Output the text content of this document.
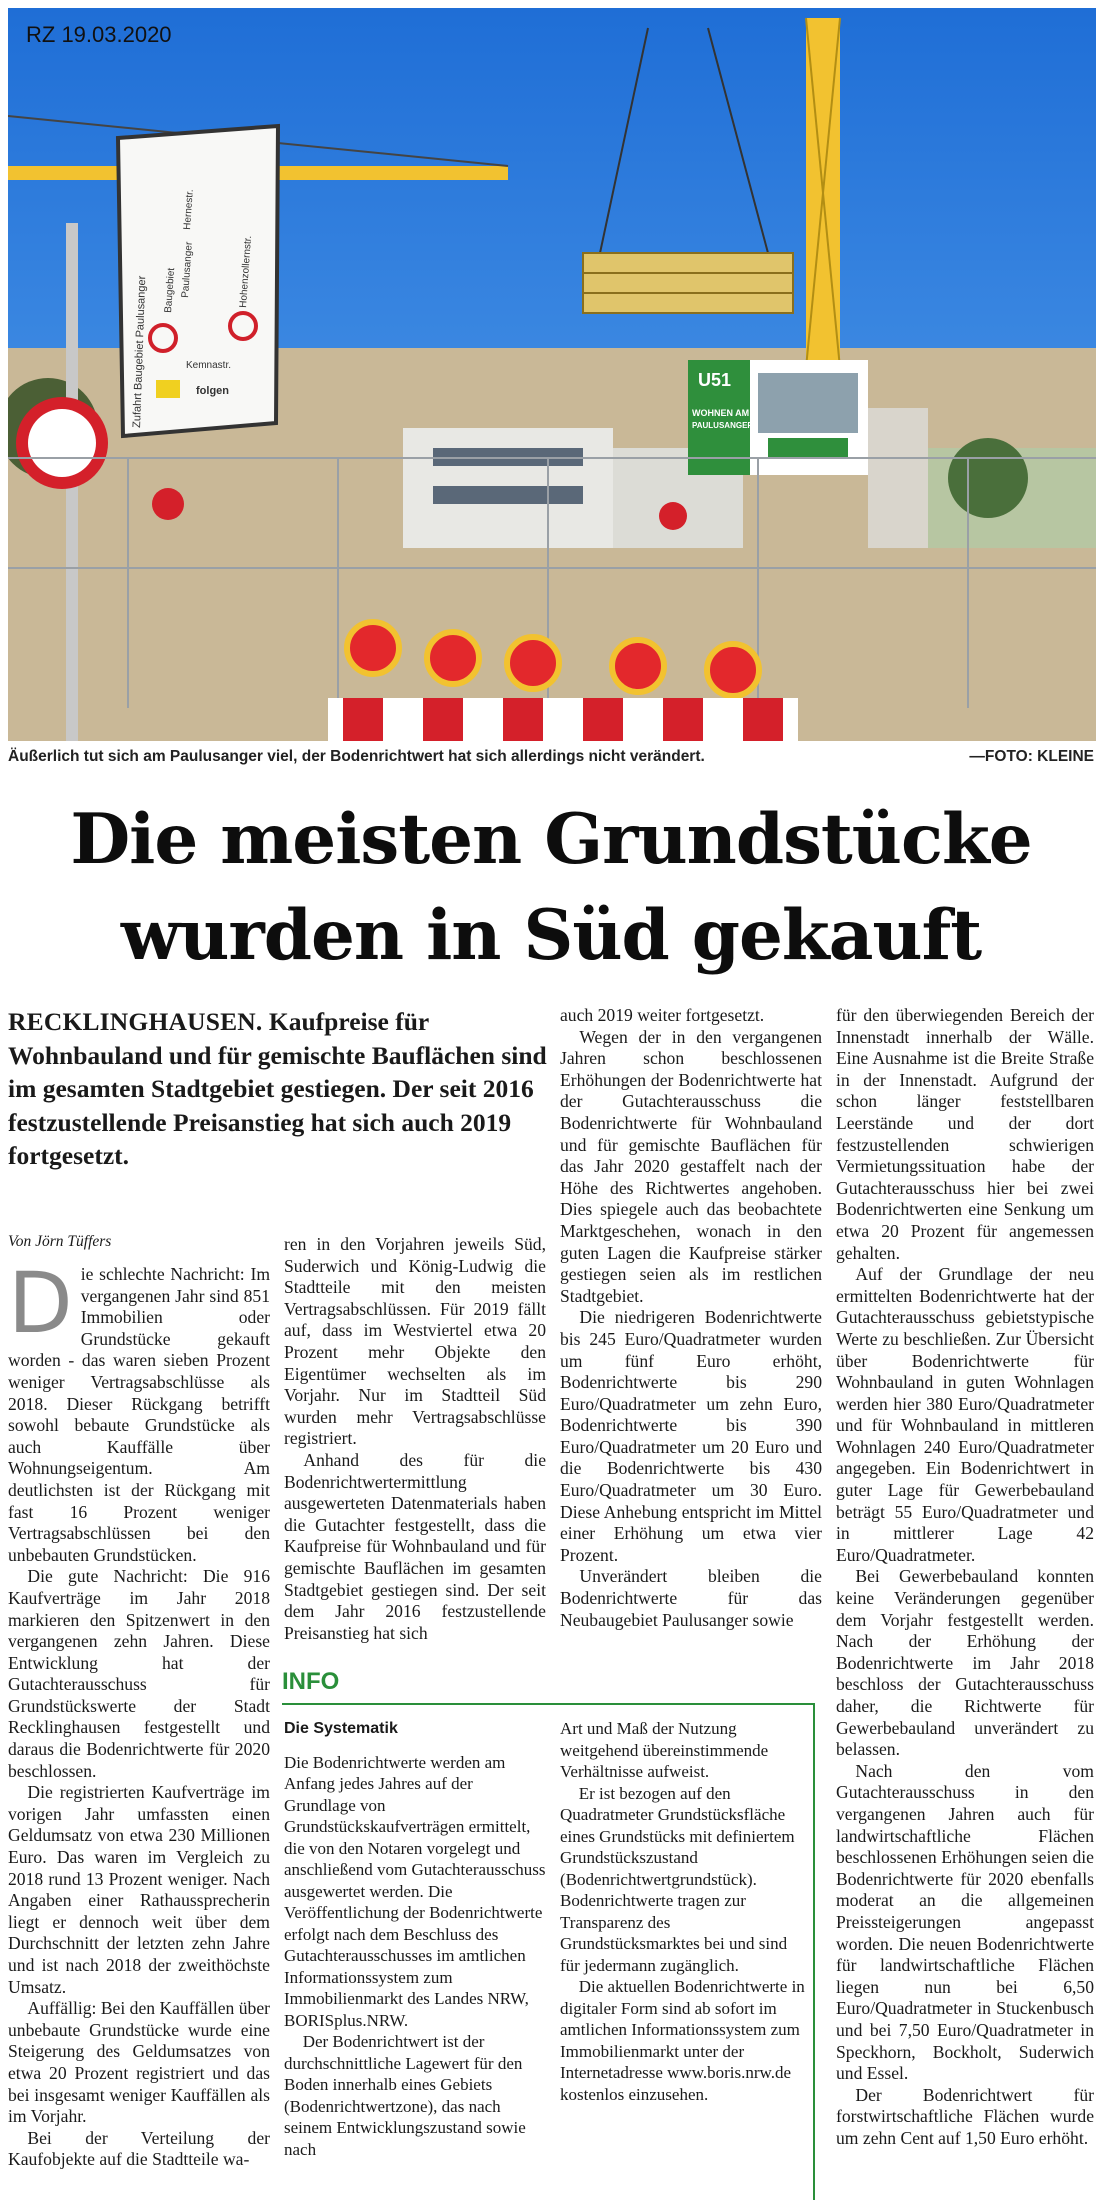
U51
WOHNEN AM
PAULUSANGER
Zufahrt Baugebiet Paulusanger
Hernestr.
Paulusanger	Hohenzollernstr.
Baugebiet
Kemnastr.
folgen
RZ 19.03.2020
Äußerlich tut sich am Paulusanger viel, der Bodenrichtwert hat sich allerdings nicht verändert.	—FOTO: KLEINE
Die meisten Grundstücke
wurden in Süd gekauft
RECKLINGHAUSEN. Kaufpreise für Wohnbauland und für gemischte Bauflächen sind im gesamten Stadtgebiet gestiegen. Der seit 2016 festzustellende Preisanstieg hat sich auch 2019 fortgesetzt.
Von Jörn Tüffers

Die schlechte Nachricht: Im vergangenen Jahr sind 851 Immobilien oder Grundstücke gekauft worden - das waren sieben Prozent weniger Vertragsabschlüsse als 2018. Dieser Rückgang betrifft sowohl bebaute Grundstücke als auch Kauffälle über Wohnungseigentum. Am deutlichsten ist der Rückgang mit fast 16 Prozent weniger Vertragsabschlüssen bei den unbebauten Grundstücken.

Die gute Nachricht: Die 916 Kaufverträge im Jahr 2018 markieren den Spitzenwert in den vergangenen zehn Jahren. Diese Entwicklung hat der Gutachterausschuss für Grundstückswerte der Stadt Recklinghausen festgestellt und daraus die Bodenrichtwerte für 2020 beschlossen.

Die registrierten Kaufverträge im vorigen Jahr umfassten einen Geldumsatz von etwa 230 Millionen Euro. Das waren im Vergleich zu 2018 rund 13 Prozent weniger. Nach Angaben einer Rathaussprecherin liegt er dennoch weit über dem Durchschnitt der letzten zehn Jahre und ist nach 2018 der zweithöchste Umsatz.

Auffällig: Bei den Kauffällen über unbebaute Grundstücke wurde eine Steigerung des Geldumsatzes von etwa 20 Prozent registriert und das bei insgesamt weniger Kauffällen als im Vorjahr.

Bei der Verteilung der Kaufobjekte auf die Stadtteile wa-

ren in den Vorjahren jeweils Süd, Suderwich und König-Ludwig die Stadtteile mit den meisten Vertragsabschlüssen. Für 2019 fällt auf, dass im Westviertel etwa 20 Prozent mehr Objekte den Eigentümer wechselten als im Vorjahr. Nur im Stadtteil Süd wurden mehr Vertragsabschlüsse registriert.

Anhand des für die Bodenrichtwertermittlung ausgewerteten Datenmaterials haben die Gutachter festgestellt, dass die Kaufpreise für Wohnbauland und für gemischte Bauflächen im gesamten Stadtgebiet gestiegen sind. Der seit dem Jahr 2016 festzustellende Preisanstieg hat sich

auch 2019 weiter fortgesetzt.

Wegen der in den vergangenen Jahren schon beschlossenen Erhöhungen der Bodenrichtwerte hat der Gutachterausschuss die Bodenrichtwerte für Wohnbauland und für gemischte Bauflächen für das Jahr 2020 gestaffelt nach der Höhe des Richtwertes angehoben. Dies spiegele auch das beobachtete Marktgeschehen, wonach in den guten Lagen die Kaufpreise stärker gestiegen seien als im restlichen Stadtgebiet.

Die niedrigeren Bodenrichtwerte bis 245 Euro/Quadratmeter wurden um fünf Euro erhöht, Bodenrichtwerte bis 290 Euro/Quadratmeter um zehn Euro, Bodenrichtwerte bis 390 Euro/Quadratmeter um 20 Euro und die Bodenrichtwerte bis 430 Euro/Quadratmeter um 30 Euro. Diese Anhebung entspricht im Mittel einer Erhöhung um etwa vier Prozent.

Unverändert bleiben die Bodenrichtwerte für das Neubaugebiet Paulusanger sowie

für den überwiegenden Bereich der Innenstadt innerhalb der Wälle. Eine Ausnahme ist die Breite Straße in der Innenstadt. Aufgrund der schon länger feststellbaren Leerstände und der dort festzustellenden schwierigen Vermietungssituation habe der Gutachterausschuss hier bei zwei Bodenrichtwerten eine Senkung um etwa 20 Prozent für angemessen gehalten.

Auf der Grundlage der neu ermittelten Bodenrichtwerte hat der Gutachterausschuss gebietstypische Werte zu beschließen. Zur Übersicht über Bodenrichtwerte für Wohnbauland in guten Wohnlagen werden hier 380 Euro/Quadratmeter und für Wohnbauland in mittleren Wohnlagen 240 Euro/Quadratmeter angegeben. Ein Bodenrichtwert in guter Lage für Gewerbebauland beträgt 55 Euro/Quadratmeter und in mittlerer Lage 42 Euro/Quadratmeter.

Bei Gewerbebauland konnten keine Veränderungen gegenüber dem Vorjahr festgestellt werden. Nach der Erhöhung der Bodenrichtwerte im Jahr 2018 beschloss der Gutachterausschuss daher, die Richtwerte für Gewerbebauland unverändert zu belassen.

Nach den vom Gutachterausschuss in den vergangenen Jahren auch für landwirtschaftliche Flächen beschlossenen Erhöhungen seien die Bodenrichtwerte für 2020 ebenfalls moderat an die allgemeinen Preissteigerungen angepasst worden. Die neuen Bodenrichtwerte für landwirtschaftliche Flächen liegen nun bei 6,50 Euro/Quadratmeter in Stuckenbusch und bei 7,50 Euro/Quadratmeter in Speckhorn, Bockholt, Suderwich und Essel.

Der Bodenrichtwert für forstwirtschaftliche Flächen wurde um zehn Cent auf 1,50 Euro erhöht.

INFO
Die Systematik

Die Bodenrichtwerte werden am Anfang jedes Jahres auf der Grundlage von Grundstückskaufverträgen ermittelt, die von den Notaren vorgelegt und anschließend vom Gutachterausschuss ausgewertet werden. Die Veröffentlichung der Bodenrichtwerte erfolgt nach dem Beschluss des Gutachterausschusses im amtlichen Informationssystem zum Immobilienmarkt des Landes NRW, BORISplus.NRW.

Der Bodenrichtwert ist der durchschnittliche Lagewert für den Boden innerhalb eines Gebiets (Bodenrichtwertzone), das nach seinem Entwicklungszustand sowie nach

Art und Maß der Nutzung weitgehend übereinstimmende Verhältnisse aufweist.

Er ist bezogen auf den Quadratmeter Grundstücksfläche eines Grundstücks mit definiertem Grundstückszustand (Bodenrichtwertgrundstück). Bodenrichtwerte tragen zur Transparenz des Grundstücksmarktes bei und sind für jedermann zugänglich.

Die aktuellen Bodenrichtwerte in digitaler Form sind ab sofort im amtlichen Informationssystem zum Immobilienmarkt unter der Internetadresse www.boris.nrw.de kostenlos einzusehen.
